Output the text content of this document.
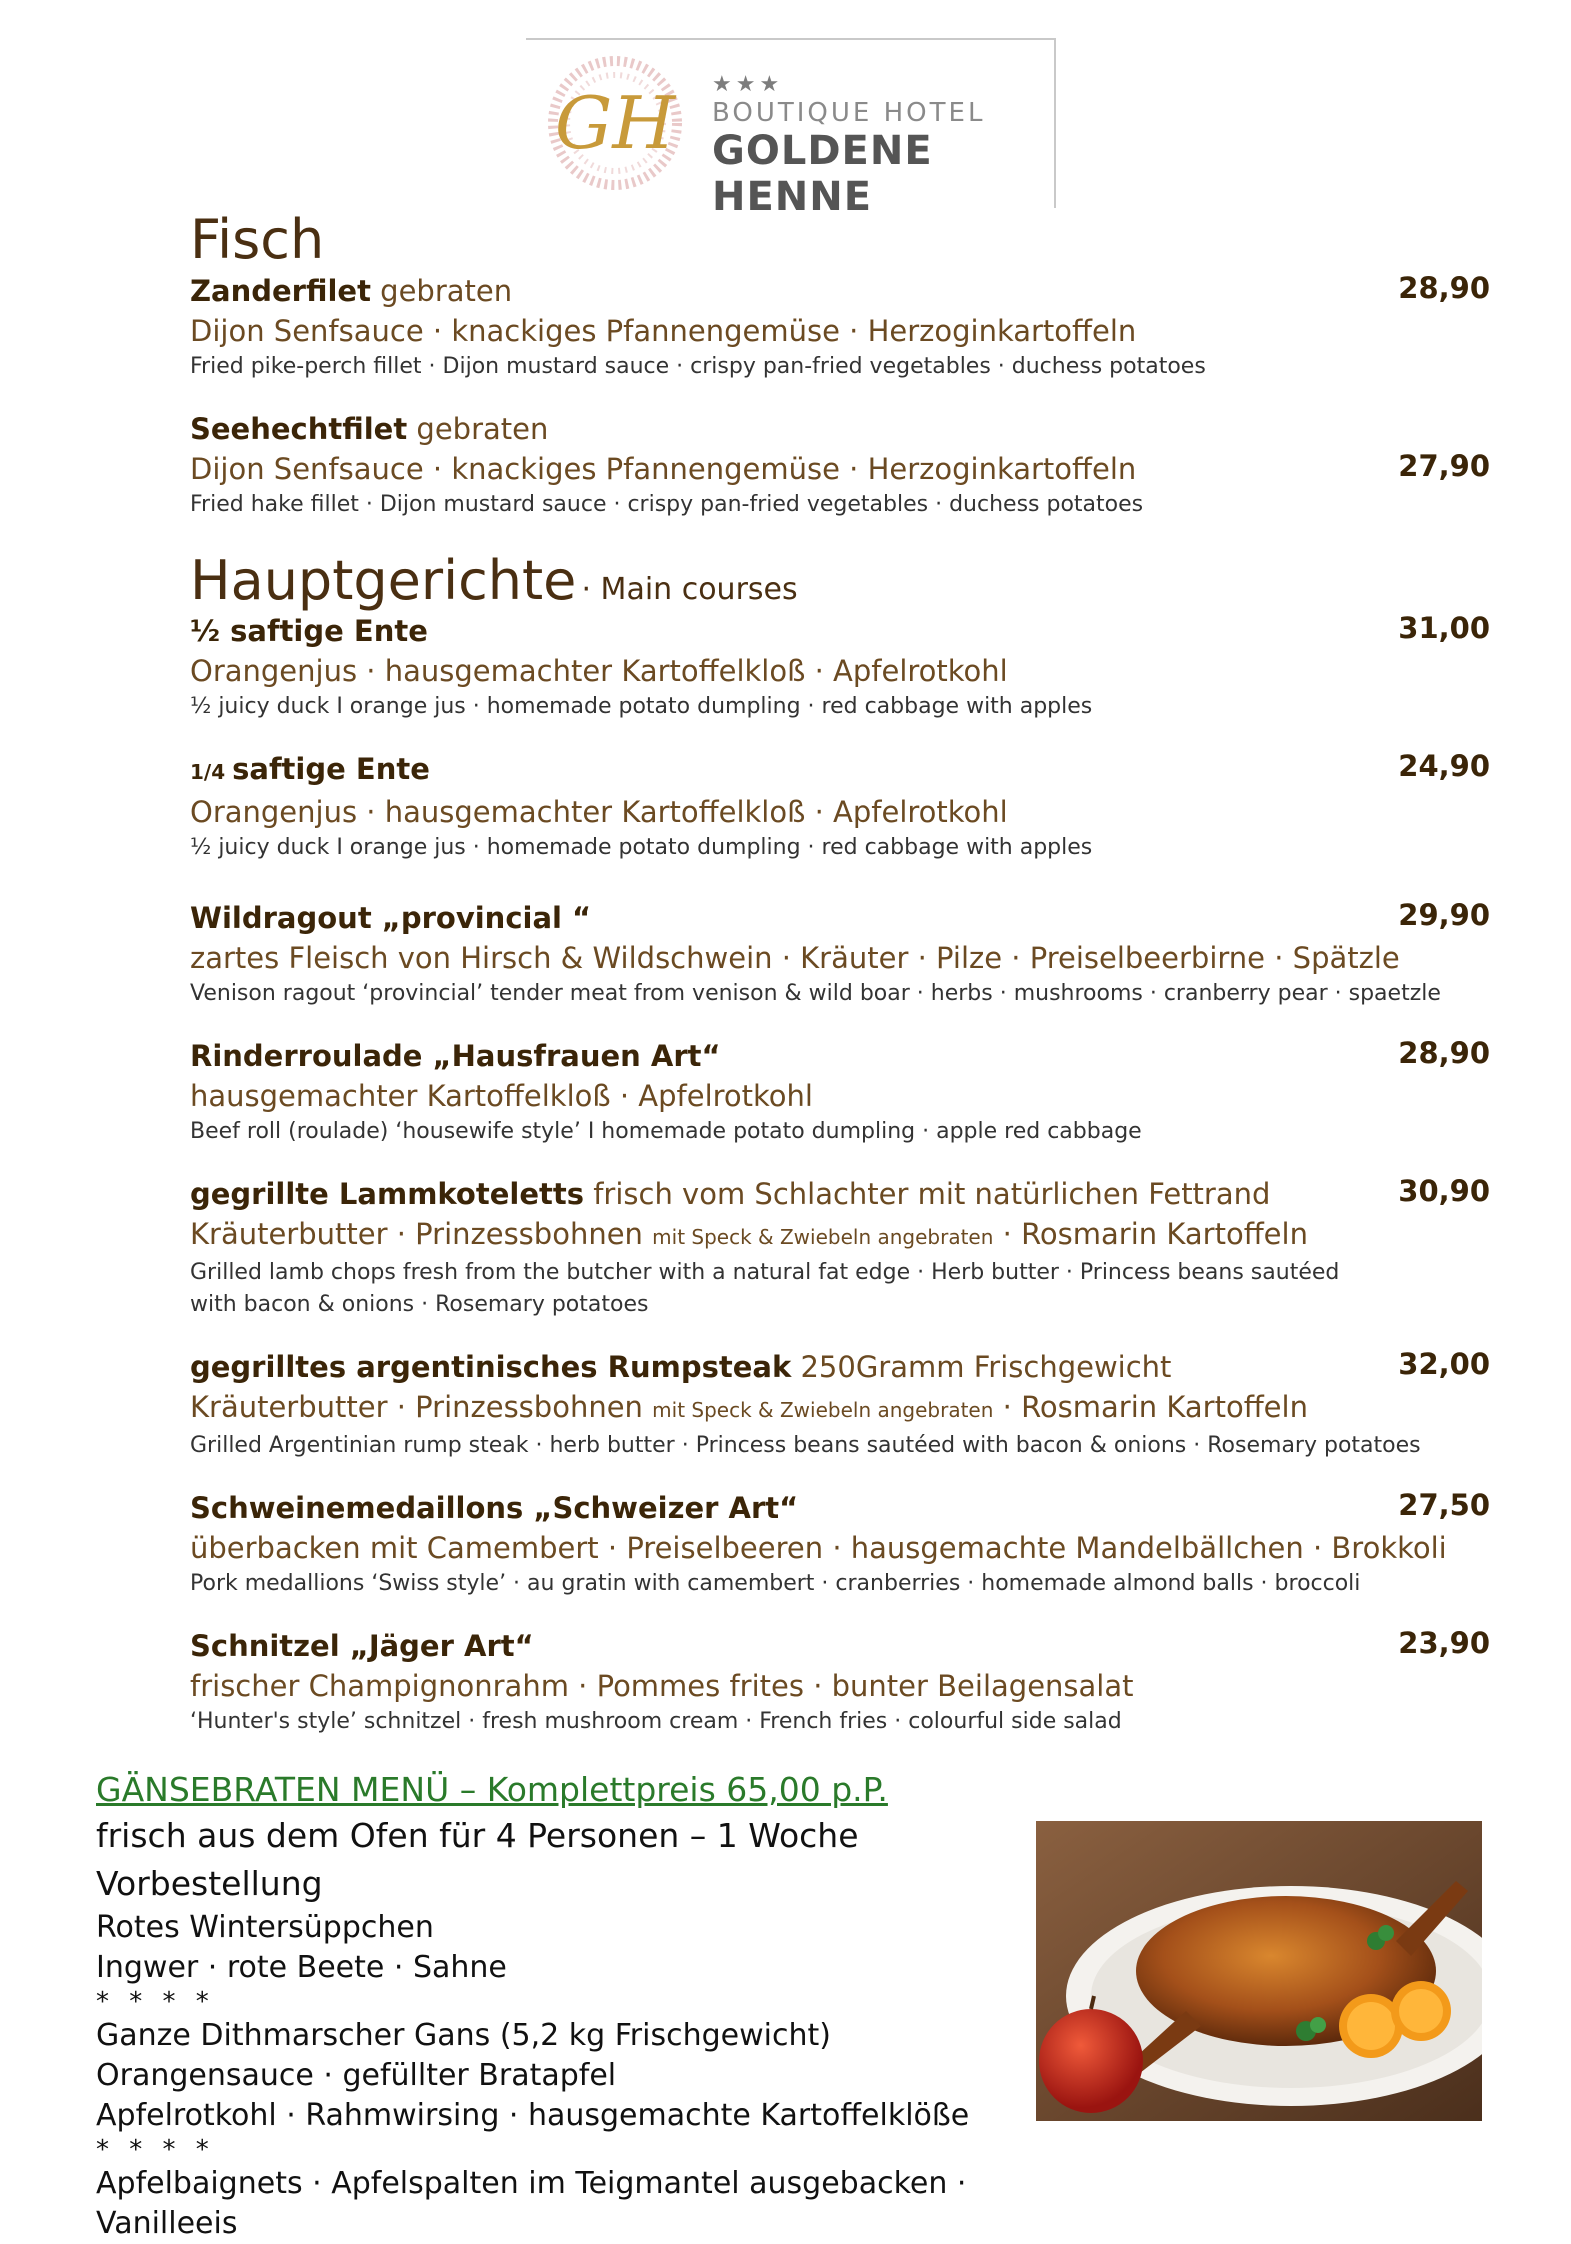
GH ★★★
BOUTIQUE HOTEL
GOLDENE HENNE
Fisch
Zanderfilet gebraten
Dijon Senfsauce · knackiges Pfannengemüse · Herzoginkartoffeln
Fried pike-perch fillet · Dijon mustard sauce · crispy pan-fried vegetables · duchess potatoes
28,90
Seehechtfilet gebraten
Dijon Senfsauce · knackiges Pfannengemüse · Herzoginkartoffeln
Fried hake fillet · Dijon mustard sauce · crispy pan-fried vegetables · duchess potatoes
27,90
Hauptgerichte · Main courses
½ saftige Ente
Orangenjus · hausgemachter Kartoffelkloß · Apfelrotkohl
½ juicy duck I orange jus · homemade potato dumpling · red cabbage with apples
31,00
1/4 saftige Ente
Orangenjus · hausgemachter Kartoffelkloß · Apfelrotkohl
½ juicy duck I orange jus · homemade potato dumpling · red cabbage with apples
24,90
Wildragout „provincial “
zartes Fleisch von Hirsch & Wildschwein · Kräuter · Pilze · Preiselbeerbirne · Spätzle
Venison ragout ‘provincial’ tender meat from venison & wild boar · herbs · mushrooms · cranberry pear · spaetzle
29,90
Rinderroulade „Hausfrauen Art“
hausgemachter Kartoffelkloß · Apfelrotkohl
Beef roll (roulade) ‘housewife style’ I homemade potato dumpling · apple red cabbage
28,90
gegrillte Lammkoteletts frisch vom Schlachter mit natürlichen Fettrand
Kräuterbutter · Prinzessbohnen mit Speck & Zwiebeln angebraten · Rosmarin Kartoffeln
Grilled lamb chops fresh from the butcher with a natural fat edge · Herb butter · Princess beans sautéed
with bacon & onions · Rosemary potatoes
30,90
gegrilltes argentinisches Rumpsteak 250Gramm Frischgewicht
Kräuterbutter · Prinzessbohnen mit Speck & Zwiebeln angebraten · Rosmarin Kartoffeln
Grilled Argentinian rump steak · herb butter · Princess beans sautéed with bacon & onions · Rosemary potatoes
32,00
Schweinemedaillons „Schweizer Art“
überbacken mit Camembert · Preiselbeeren · hausgemachte Mandelbällchen · Brokkoli
Pork medallions ‘Swiss style’ · au gratin with camembert · cranberries · homemade almond balls · broccoli
27,50
Schnitzel „Jäger Art“
frischer Champignonrahm · Pommes frites · bunter Beilagensalat
‘Hunter's style’ schnitzel · fresh mushroom cream · French fries · colourful side salad
23,90
GÄNSEBRATEN MENÜ – Komplettpreis 65,00 p.P.
frisch aus dem Ofen für 4 Personen – 1 Woche Vorbestellung
Rotes Wintersüppchen
Ingwer · rote Beete · Sahne
* * * *
Ganze Dithmarscher Gans (5,2 kg Frischgewicht)
Orangensauce · gefüllter Bratapfel
Apfelrotkohl · Rahmwirsing · hausgemachte Kartoffelklöße
* * * *
Apfelbaignets · Apfelspalten im Teigmantel ausgebacken · Vanilleeis
